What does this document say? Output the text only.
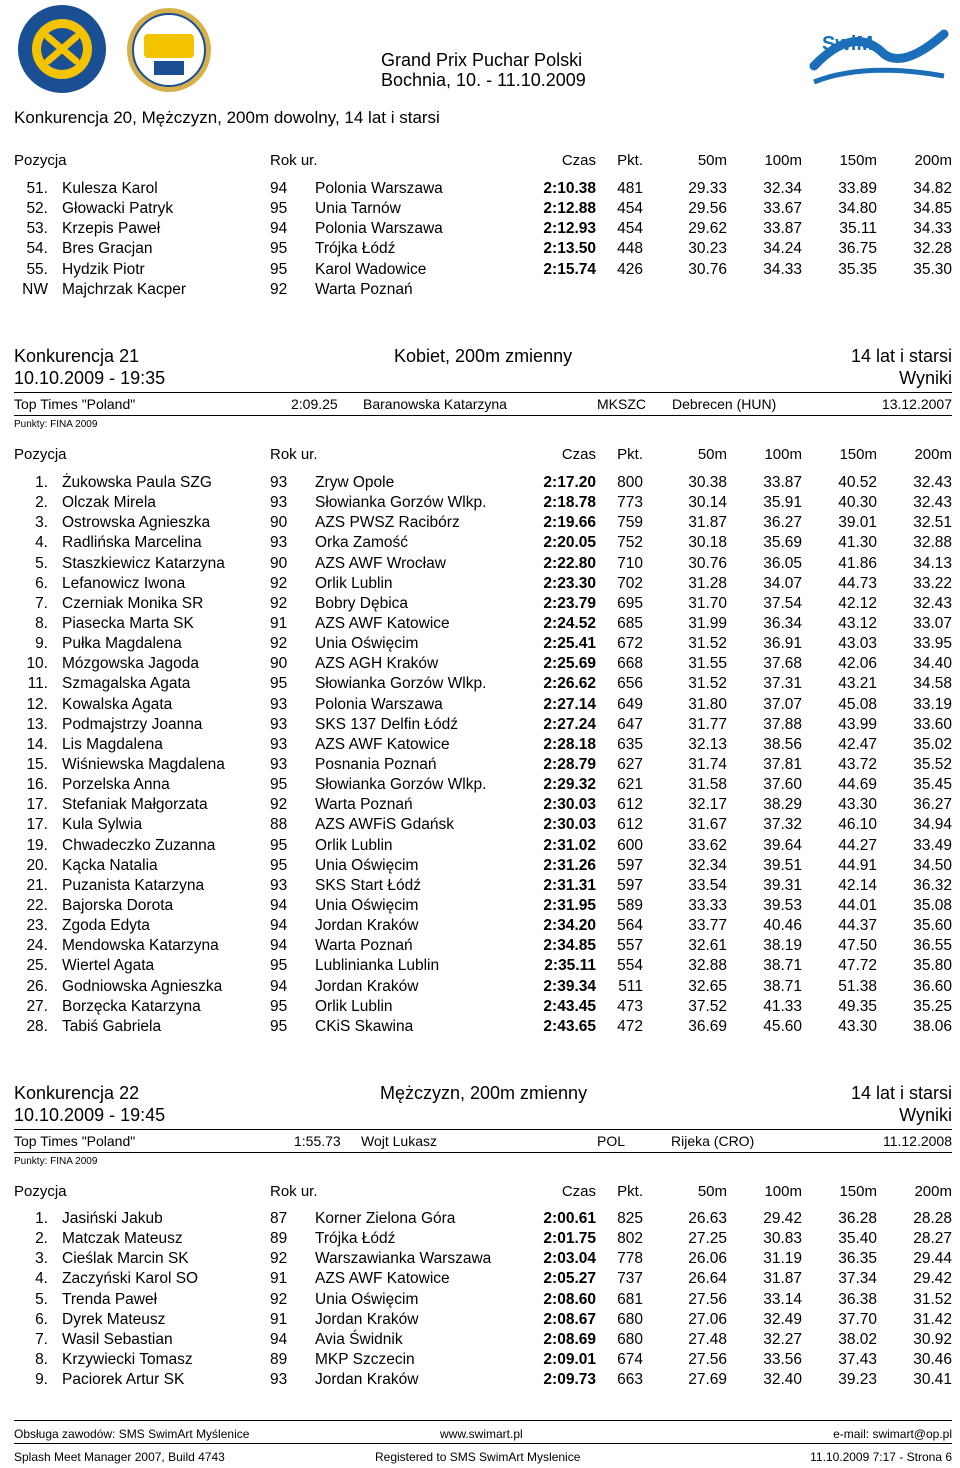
SwiM
Grand Prix Puchar Polski
Bochnia, 10. - 11.10.2009
Konkurencja 20, Mężczyzn, 200m dowolny, 14 lat i starsi
Pozycja	Rok ur.	Czas Pkt.	50m 100m 150m 200m
51. Kulesza Karol	94 Polonia Warszawa	2:10.38 481	29.33 32.34 33.89 34.82
52. Głowacki Patryk	95 Unia Tarnów	2:12.88 454	29.56 33.67 34.80 34.85
53. Krzepis Paweł	94 Polonia Warszawa	2:12.93 454	29.62 33.87 35.11 34.33
54. Bres Gracjan	95 Trójka Łódź	2:13.50 448	30.23 34.24 36.75 32.28
55. Hydzik Piotr	95 Karol Wadowice	2:15.74 426	30.76 34.33 35.35 35.30
NW Majchrzak Kacper	92 Warta Poznań
Konkurencja 21	Kobiet, 200m zmienny	14 lat i starsi
10.10.2009 - 19:35	Wyniki
Top Times "Poland"	2:09.25 Baranowska Katarzyna	MKSZC Debrecen (HUN)	13.12.2007
Punkty: FINA 2009
Pozycja	Rok ur.	Czas Pkt.	50m 100m 150m 200m
1. Żukowska Paula SZG	93 Zryw Opole	2:17.20 800	30.38 33.87 40.52 32.43
2. Olczak Mirela	93 Słowianka Gorzów Wlkp.	2:18.78 773	30.14 35.91 40.30 32.43
3. Ostrowska Agnieszka	90 AZS PWSZ Racibórz	2:19.66 759	31.87 36.27 39.01 32.51
4. Radlińska Marcelina	93 Orka Zamość	2:20.05 752	30.18 35.69 41.30 32.88
5. Staszkiewicz Katarzyna	90 AZS AWF Wrocław	2:22.80 710	30.76 36.05 41.86 34.13
6. Lefanowicz Iwona	92 Orlik Lublin	2:23.30 702	31.28 34.07 44.73 33.22
7. Czerniak Monika SR	92 Bobry Dębica	2:23.79 695	31.70 37.54 42.12 32.43
8. Piasecka Marta SK	91 AZS AWF Katowice	2:24.52 685	31.99 36.34 43.12 33.07
9. Pułka Magdalena	92 Unia Oświęcim	2:25.41 672	31.52 36.91 43.03 33.95
10. Mózgowska Jagoda	90 AZS AGH Kraków	2:25.69 668	31.55 37.68 42.06 34.40
11. Szmagalska Agata	95 Słowianka Gorzów Wlkp.	2:26.62 656	31.52 37.31 43.21 34.58
12. Kowalska Agata	93 Polonia Warszawa	2:27.14 649	31.80 37.07 45.08 33.19
13. Podmajstrzy Joanna	93 SKS 137 Delfin Łódź	2:27.24 647	31.77 37.88 43.99 33.60
14. Lis Magdalena	93 AZS AWF Katowice	2:28.18 635	32.13 38.56 42.47 35.02
15. Wiśniewska Magdalena	93 Posnania Poznań	2:28.79 627	31.74 37.81 43.72 35.52
16. Porzelska Anna	95 Słowianka Gorzów Wlkp.	2:29.32 621	31.58 37.60 44.69 35.45
17. Stefaniak Małgorzata	92 Warta Poznań	2:30.03 612	32.17 38.29 43.30 36.27
17. Kula Sylwia	88 AZS AWFiS Gdańsk	2:30.03 612	31.67 37.32 46.10 34.94
19. Chwadeczko Zuzanna	95 Orlik Lublin	2:31.02 600	33.62 39.64 44.27 33.49
20. Kącka Natalia	95 Unia Oświęcim	2:31.26 597	32.34 39.51 44.91 34.50
21. Puzanista Katarzyna	93 SKS Start Łódź	2:31.31 597	33.54 39.31 42.14 36.32
22. Bajorska Dorota	94 Unia Oświęcim	2:31.95 589	33.33 39.53 44.01 35.08
23. Zgoda Edyta	94 Jordan Kraków	2:34.20 564	33.77 40.46 44.37 35.60
24. Mendowska Katarzyna	94 Warta Poznań	2:34.85 557	32.61 38.19 47.50 36.55
25. Wiertel Agata	95 Lublinianka Lublin	2:35.11 554	32.88 38.71 47.72 35.80
26. Godniowska Agnieszka	94 Jordan Kraków	2:39.34 511	32.65 38.71 51.38 36.60
27. Borzęcka Katarzyna	95 Orlik Lublin	2:43.45 473	37.52 41.33 49.35 35.25
28. Tabiś Gabriela	95 CKiS Skawina	2:43.65 472	36.69 45.60 43.30 38.06
Konkurencja 22	Mężczyzn, 200m zmienny	14 lat i starsi
10.10.2009 - 19:45	Wyniki
Top Times "Poland"	1:55.73 Wojt Lukasz	POL	Rijeka (CRO)	11.12.2008
Punkty: FINA 2009
Pozycja	Rok ur.	Czas Pkt.	50m 100m 150m 200m
1. Jasiński Jakub	87 Korner Zielona Góra	2:00.61 825	26.63 29.42 36.28 28.28
2. Matczak Mateusz	89 Trójka Łódź	2:01.75 802	27.25 30.83 35.40 28.27
3. Cieślak Marcin SK	92 Warszawianka Warszawa	2:03.04 778	26.06 31.19 36.35 29.44
4. Zaczyński Karol SO	91 AZS AWF Katowice	2:05.27 737	26.64 31.87 37.34 29.42
5. Trenda Paweł	92 Unia Oświęcim	2:08.60 681	27.56 33.14 36.38 31.52
6. Dyrek Mateusz	91 Jordan Kraków	2:08.67 680	27.06 32.49 37.70 31.42
7. Wasil Sebastian	94 Avia Świdnik	2:08.69 680	27.48 32.27 38.02 30.92
8. Krzywiecki Tomasz	89 MKP Szczecin	2:09.01 674	27.56 33.56 37.43 30.46
9. Paciorek Artur SK	93 Jordan Kraków	2:09.73 663	27.69 32.40 39.23 30.41
Obsługa zawodów: SMS SwimArt Myślenice	www.swimart.pl	e-mail: swimart@op.pl
Splash Meet Manager 2007, Build 4743	Registered to SMS SwimArt Myslenice	11.10.2009 7:17 - Strona 6
